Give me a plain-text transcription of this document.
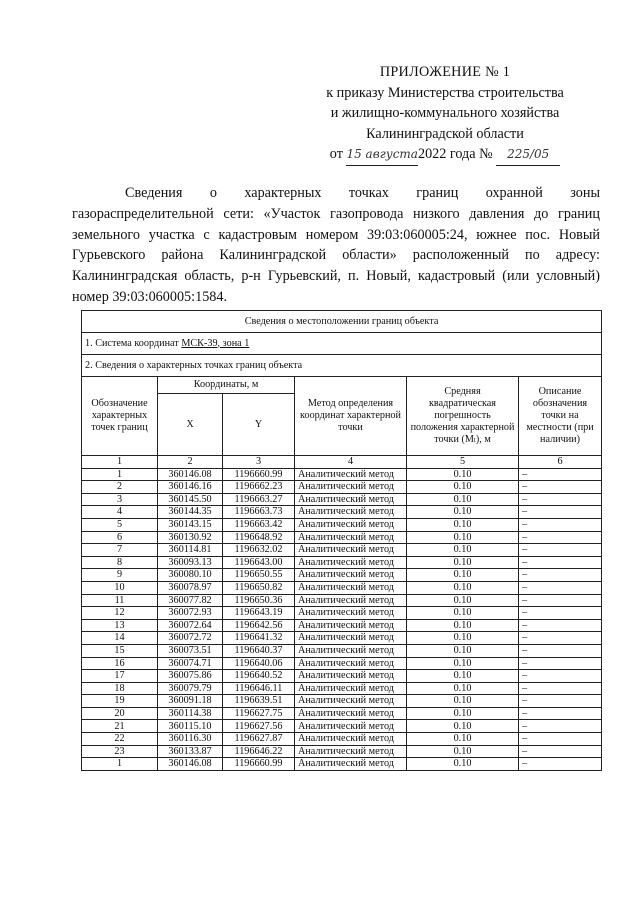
ПРИЛОЖЕНИЕ № 1
к приказу Министерства строительства
и жилищно-коммунального хозяйства
Калининградской области
от 15 августа2022 года № 225/05
Сведения о характерных точках границ охранной зоны газораспределительной сети: «Участок газопровода низкого давления до границ земельного участка с кадастровым номером 39:03:060005:24, южнее пос. Новый Гурьевского района Калининградской области» расположенный по адресу: Калининградская область, р-н Гурьевский, п. Новый, кадастровый (или условный) номер 39:03:060005:1584.
Сведения о местоположении границ объекта					
1. Система координат МСК-39, зона 1					
2. Сведения о характерных точках границ объекта					
Обозначение характерных точек границ	Координаты, м		Метод определения координат характерной точки	Средняя квадратическая погрешность положения характерной точки (Mt), м	Описание обозначения точки на местности (при наличии)
	X	Y			
1	2	3	4	5	6
1	360146.08	1196660.99	Аналитический метод	0.10	–
2	360146.16	1196662.23	Аналитический метод	0.10	–
3	360145.50	1196663.27	Аналитический метод	0.10	–
4	360144.35	1196663.73	Аналитический метод	0.10	–
5	360143.15	1196663.42	Аналитический метод	0.10	–
6	360130.92	1196648.92	Аналитический метод	0.10	–
7	360114.81	1196632.02	Аналитический метод	0.10	–
8	360093.13	1196643.00	Аналитический метод	0.10	–
9	360080.10	1196650.55	Аналитический метод	0.10	–
10	360078.97	1196650.82	Аналитический метод	0.10	–
11	360077.82	1196650.36	Аналитический метод	0.10	–
12	360072.93	1196643.19	Аналитический метод	0.10	–
13	360072.64	1196642.56	Аналитический метод	0.10	–
14	360072.72	1196641.32	Аналитический метод	0.10	–
15	360073.51	1196640.37	Аналитический метод	0.10	–
16	360074.71	1196640.06	Аналитический метод	0.10	–
17	360075.86	1196640.52	Аналитический метод	0.10	–
18	360079.79	1196646.11	Аналитический метод	0.10	–
19	360091.18	1196639.51	Аналитический метод	0.10	–
20	360114.38	1196627.75	Аналитический метод	0.10	–
21	360115.10	1196627.56	Аналитический метод	0.10	–
22	360116.30	1196627.87	Аналитический метод	0.10	–
23	360133.87	1196646.22	Аналитический метод	0.10	–
1	360146.08	1196660.99	Аналитический метод	0.10	–
